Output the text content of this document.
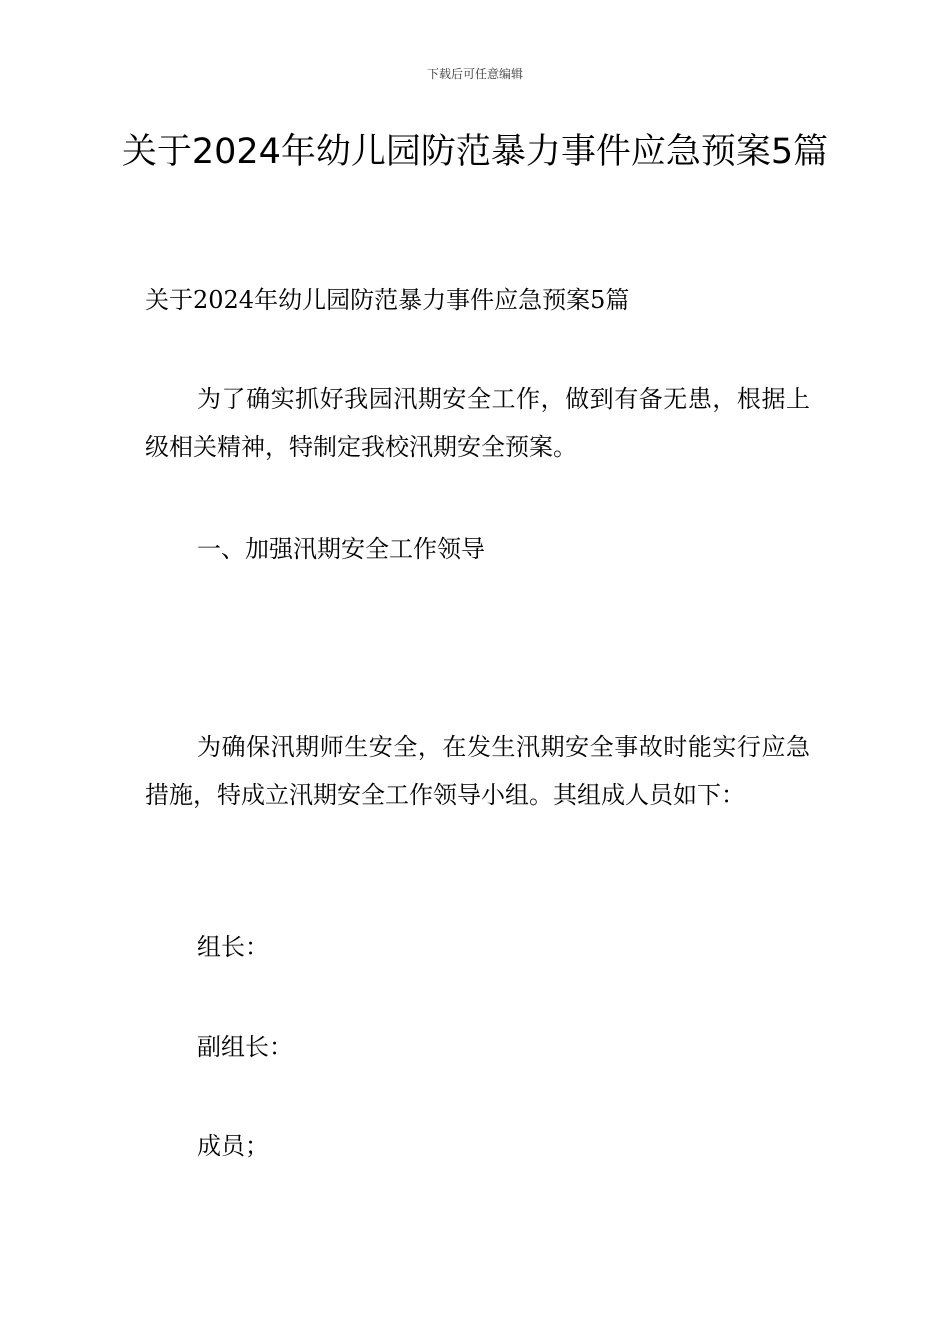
下载后可任意编辑
关于2024年幼儿园防范暴力事件应急预案5篇

关于2024年幼儿园防范暴力事件应急预案5篇

为了确实抓好我园汛期安全工作，做到有备无患，根据上级相关精神，特制定我校汛期安全预案。

一、加强汛期安全工作领导

为确保汛期师生安全，在发生汛期安全事故时能实行应急措施，特成立汛期安全工作领导小组。其组成人员如下：

组长：

副组长：

成员；
